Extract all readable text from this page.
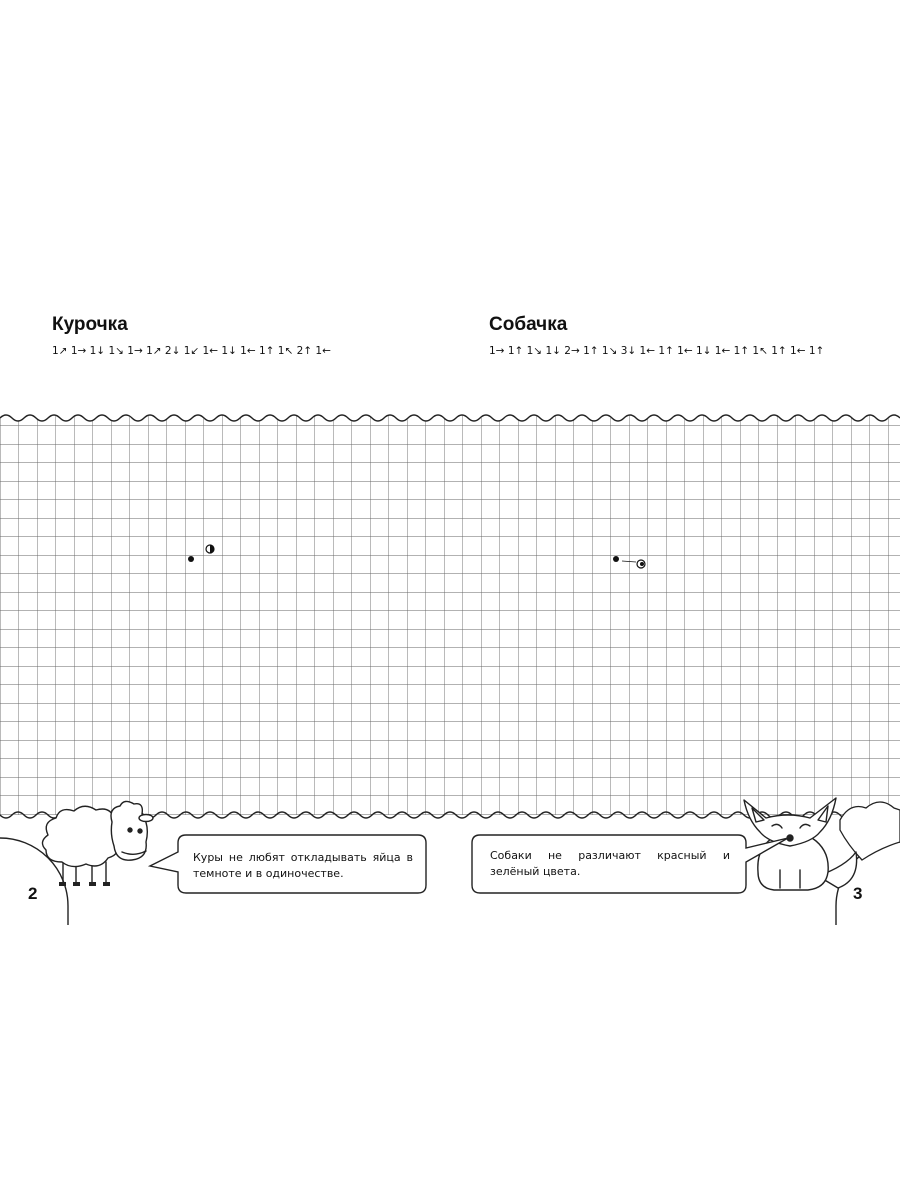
Курочка
1↗ 1→ 1↓ 1↘ 1→ 1↗ 2↓ 1↙ 1← 1↓ 1← 1↑ 1↖ 2↑ 1←
Собачка
1→ 1↑ 1↘ 1↓ 2→ 1↑ 1↘ 3↓ 1← 1↑ 1← 1↓ 1← 1↑ 1↖ 1↑ 1← 1↑
Куры не любят откладывать яйца в темноте и в одиночестве.
Собаки не различают красный и зелёный цвета.
2	3
